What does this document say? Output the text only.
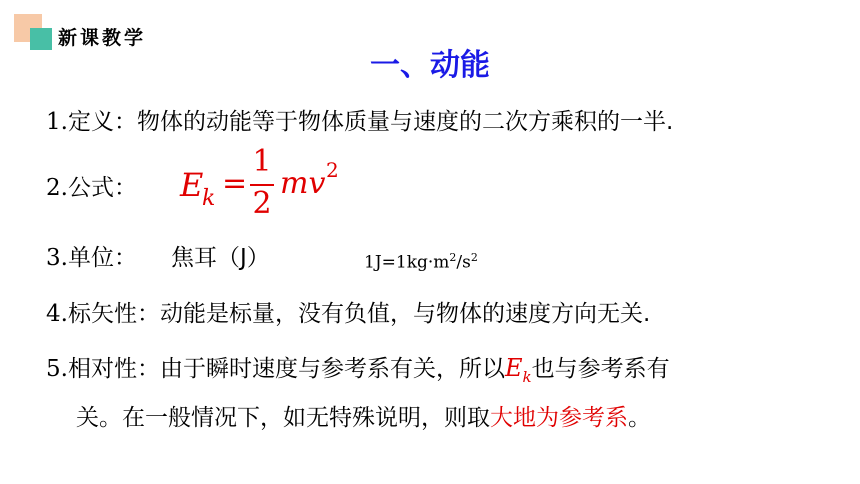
新课教学
一、动能
1.定义：物体的动能等于物体质量与速度的二次方乘积的一半.
2.公式： E
k =
1
2
mv 2
3.单位： 焦耳（J）	$1J=1kg\cdot m^2/s^2$
4.标矢性：动能是标量，没有负值，与物体的速度方向无关.
5.相对性：由于瞬时速度与参考系有关，所以$E_k$也与参考系有
关。在一般情况下，如无特殊说明，则取大地为参考系。
